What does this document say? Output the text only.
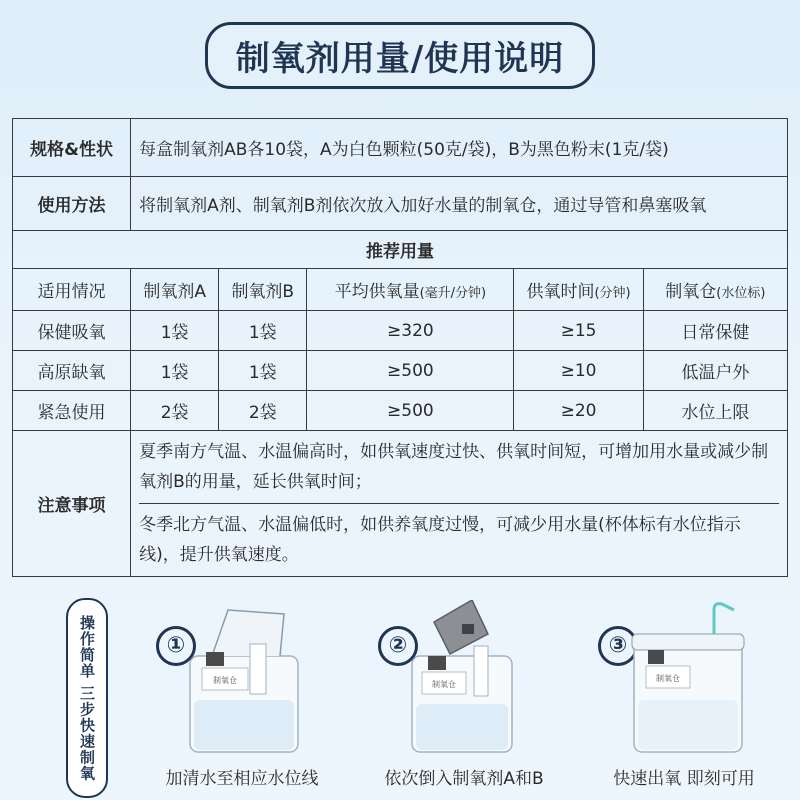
制氧剂用量/使用说明
规格&性状	每盒制氧剂AB各10袋，A为白色颗粒(50克/袋)，B为黑色粉末(1克/袋)				
使用方法	将制氧剂A剂、制氧剂B剂依次放入加好水量的制氧仓，通过导管和鼻塞吸氧				
推荐用量					
适用情况	制氧剂A	制氧剂B	平均供氧量(毫升/分钟)	供氧时间(分钟)	制氧仓(水位标)
保健吸氧	1袋	1袋	≥320	≥15	日常保健
高原缺氧	1袋	1袋	≥500	≥10	低温户外
紧急使用	2袋	2袋	≥500	≥20	水位上限
注意事项	夏季南方气温、水温偏高时，如供氧速度过快、供氧时间短，可增加用水量或减少制氧剂B的用量，延长供氧时间；
冬季北方气温、水温偏低时，如供养氧度过慢，可减少用水量(杯体标有水位指示线)，提升供氧速度。				
操作简单 三步快速制氧	①
制氧仓
加清水至相应水位线
②
制氧仓
依次倒入制氧剂A和B
③
制氧仓
快速出氧 即刻可用
